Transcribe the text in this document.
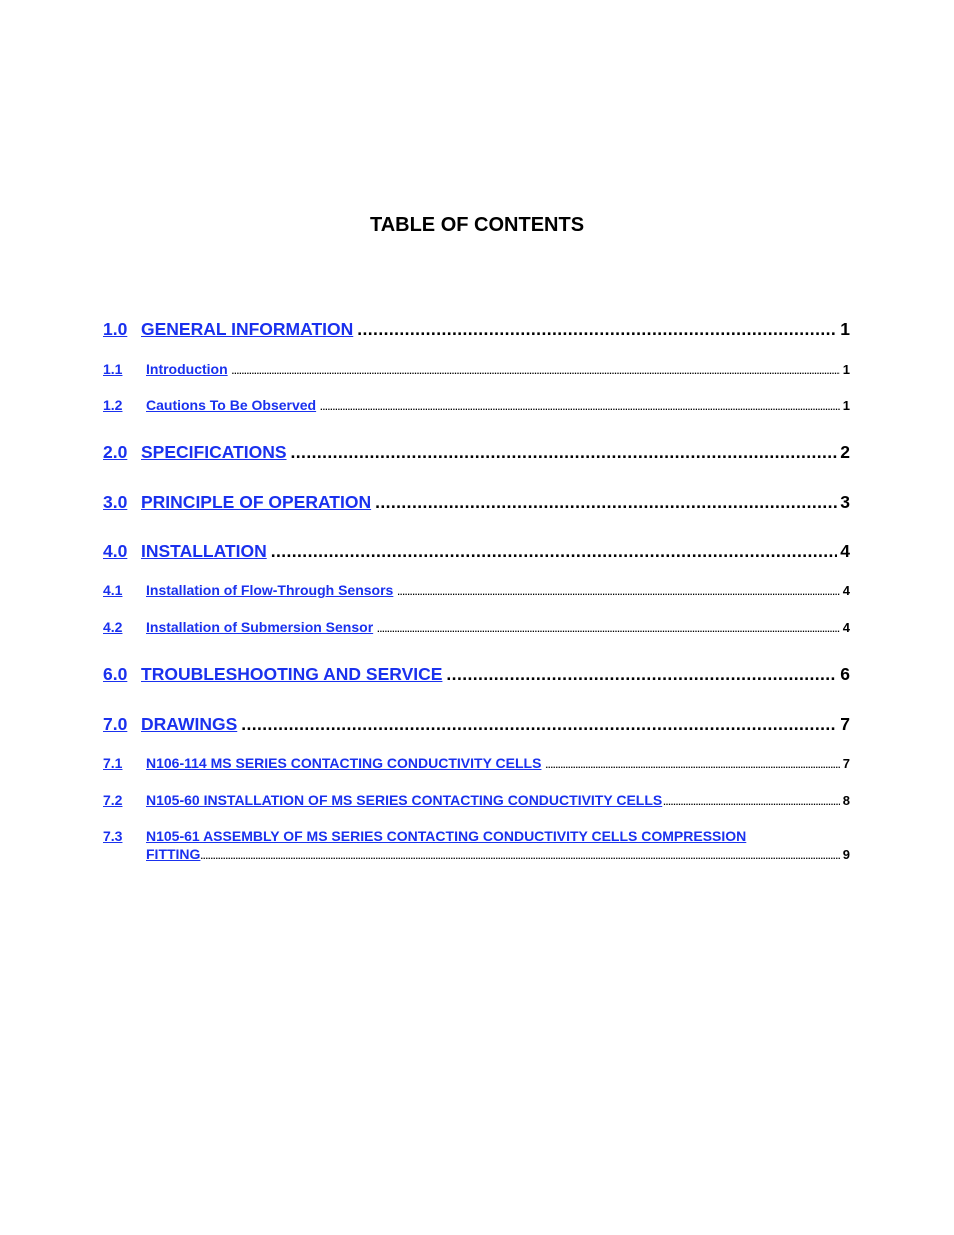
TABLE OF CONTENTS
1.0 GENERAL INFORMATION .....	1
1.1	Introduction .....	1
1.2	Cautions To Be Observed .....	1
2.0 SPECIFICATIONS .....	2
3.0 PRINCIPLE OF OPERATION .....	3
4.0 INSTALLATION .....	4
4.1	Installation of Flow-Through Sensors .....	4
4.2	Installation of Submersion Sensor .....	4
6.0 TROUBLESHOOTING AND SERVICE .....	6
7.0 DRAWINGS .....	7
7.1	N106-114 MS SERIES CONTACTING CONDUCTIVITY CELLS .....	7
7.2	N105-60 INSTALLATION OF MS SERIES CONTACTING CONDUCTIVITY CELLS .....	8
7.3	N105-61 ASSEMBLY OF MS SERIES CONTACTING CONDUCTIVITY CELLS COMPRESSION
FITTING .....	9
